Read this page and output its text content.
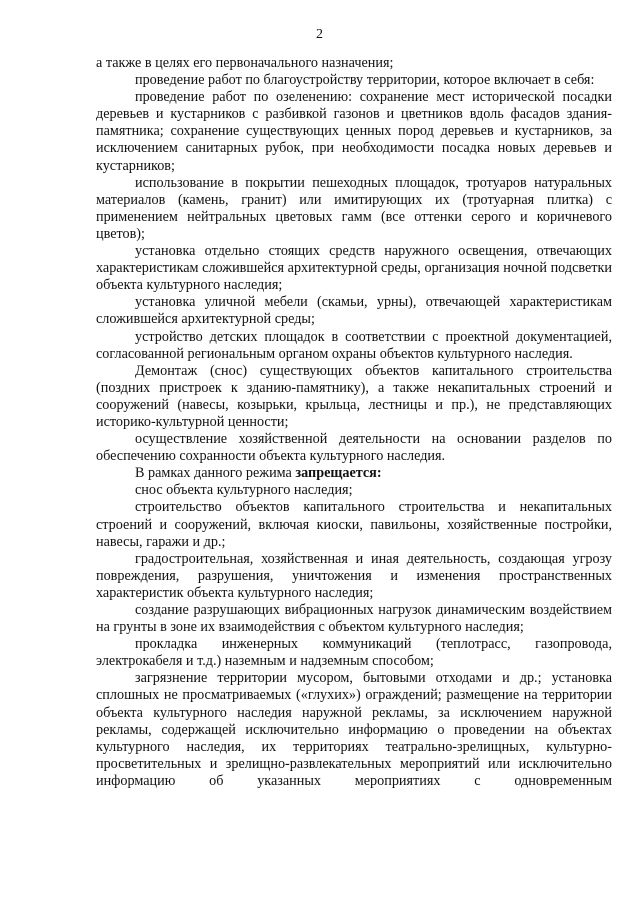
2

а также в целях его первоначального назначения;

проведение работ по благоустройству территории, которое включает в себя:

проведение работ по озеленению: сохранение мест исторической посадки деревьев и кустарников с разбивкой газонов и цветников вдоль фасадов здания-памятника; сохранение существующих ценных пород деревьев и кустарников, за исключением санитарных рубок, при необходимости посадка новых деревьев и кустарников;

использование в покрытии пешеходных площадок, тротуаров натуральных материалов (камень, гранит) или имитирующих их (тротуарная плитка) с применением нейтральных цветовых гамм (все оттенки серого и коричневого цветов);

установка отдельно стоящих средств наружного освещения, отвечающих характеристикам сложившейся архитектурной среды, организация ночной подсветки объекта культурного наследия;

установка уличной мебели (скамьи, урны), отвечающей характеристикам сложившейся архитектурной среды;

устройство детских площадок в соответствии с проектной документацией, согласованной региональным органом охраны объектов культурного наследия.

Демонтаж (снос) существующих объектов капитального строительства (поздних пристроек к зданию-памятнику), а также некапитальных строений и сооружений (навесы, козырьки, крыльца, лестницы и пр.), не представляющих историко-культурной ценности;

осуществление хозяйственной деятельности на основании разделов по обеспечению сохранности объекта культурного наследия.

В рамках данного режима запрещается:

снос объекта культурного наследия;

строительство объектов капитального строительства и некапитальных строений и сооружений, включая киоски, павильоны, хозяйственные постройки, навесы, гаражи и др.;

градостроительная, хозяйственная и иная деятельность, создающая угрозу повреждения, разрушения, уничтожения и изменения пространственных характеристик объекта культурного наследия;

создание разрушающих вибрационных нагрузок динамическим воздействием на грунты в зоне их взаимодействия с объектом культурного наследия;

прокладка инженерных коммуникаций (теплотрасс, газопровода, электрокабеля и т.д.) наземным и надземным способом;

загрязнение территории мусором, бытовыми отходами и др.; установка сплошных не просматриваемых («глухих») ограждений; размещение на территории объекта культурного наследия наружной рекламы, за исключением наружной рекламы, содержащей исключительно информацию о проведении на объектах культурного наследия, их территориях театрально-зрелищных, культурно-просветительных и зрелищно-развлекательных мероприятий или исключительно информацию об указанных мероприятиях с одновременным
